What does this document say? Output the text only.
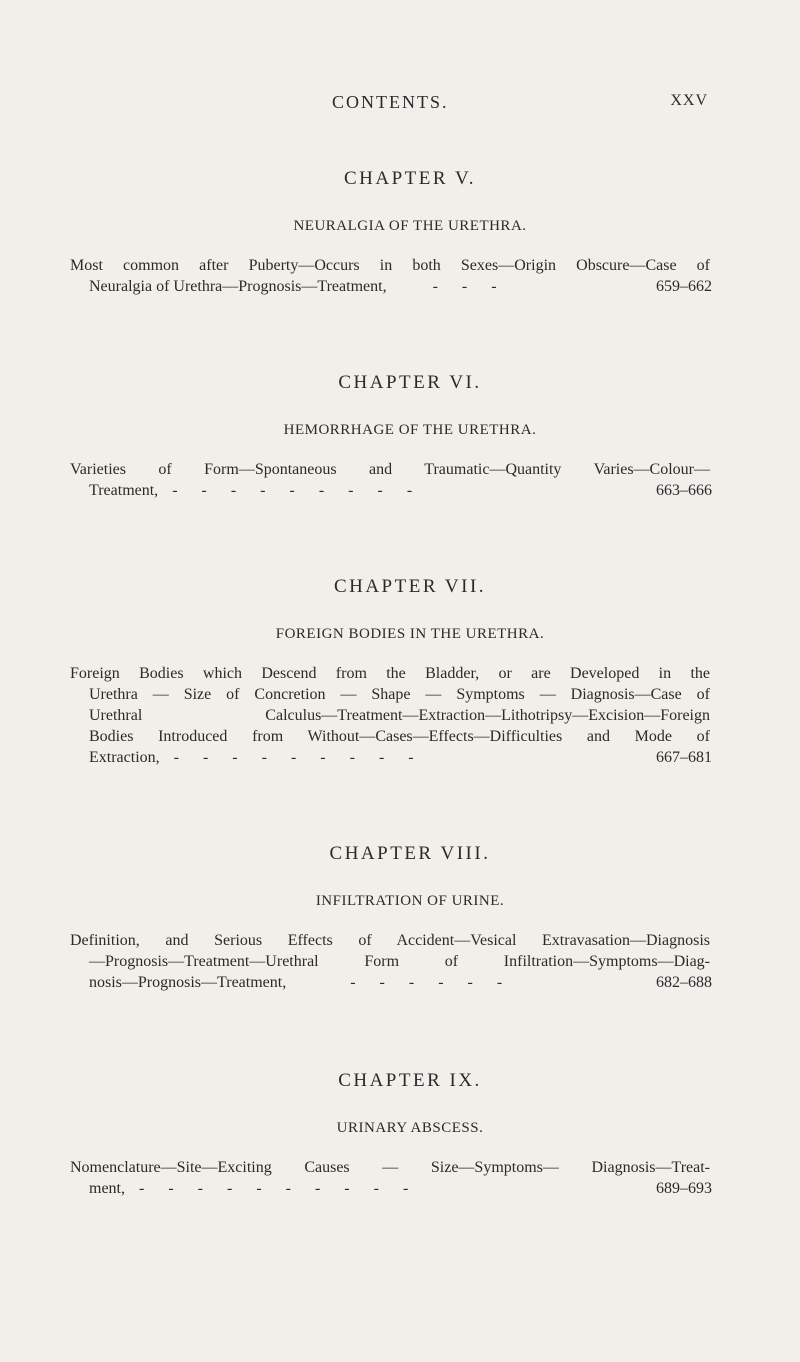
CONTENTS.	XXV
CHAPTER V.
NEURALGIA OF THE URETHRA.
Most common after Puberty—Occurs in both Sexes—Origin Obscure—Case of
Neuralgia of Urethra—Prognosis—Treatment,	- - -	659–662
CHAPTER VI.
HEMORRHAGE OF THE URETHRA.
Varieties of Form—Spontaneous and Traumatic—Quantity Varies—Colour—
Treatment, - - - - - - - - -	663–666
CHAPTER VII.
FOREIGN BODIES IN THE URETHRA.
Foreign Bodies which Descend from the Bladder, or are Developed in the
Urethra — Size of Concretion — Shape — Symptoms — Diagnosis—Case of
Urethral Calculus—Treatment—Extraction—Lithotripsy—Excision—Foreign
Bodies Introduced from Without—Cases—Effects—Difficulties and Mode of
Extraction, - - - - - - - - -	667–681
CHAPTER VIII.
INFILTRATION OF URINE.
Definition, and Serious Effects of Accident—Vesical Extravasation—Diagnosis
—Prognosis—Treatment—Urethral Form of Infiltration—Symptoms—Diag-
nosis—Prognosis—Treatment,	- - - - - -	682–688
CHAPTER IX.
URINARY ABSCESS.
Nomenclature—Site—Exciting Causes — Size—Symptoms— Diagnosis—Treat-
ment, - - - - - - - - - -	689–693
